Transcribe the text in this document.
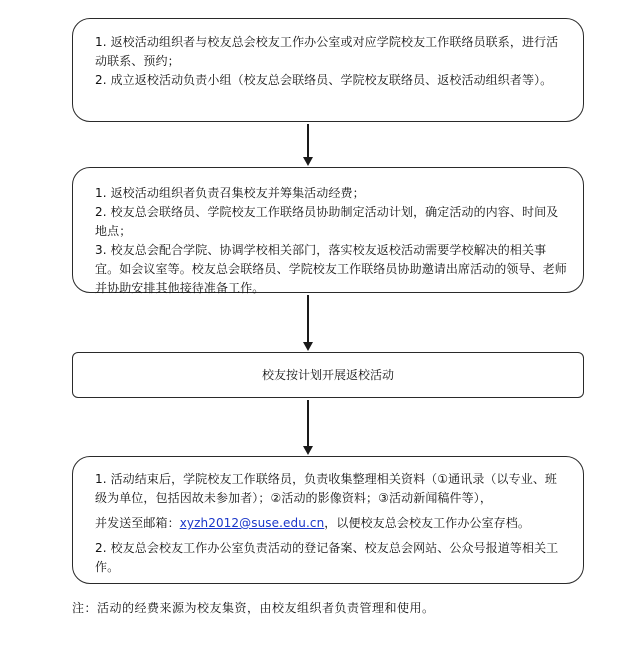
1. 返校活动组织者与校友总会校友工作办公室或对应学院校友工作联络员联系，进行活动联系、预约；

2. 成立返校活动负责小组（校友总会联络员、学院校友联络员、返校活动组织者等）。

1. 返校活动组织者负责召集校友并筹集活动经费；

2. 校友总会联络员、学院校友工作联络员协助制定活动计划，确定活动的内容、时间及地点；

3. 校友总会配合学院、协调学校相关部门，落实校友返校活动需要学校解决的相关事宜。如会议室等。校友总会联络员、学院校友工作联络员协助邀请出席活动的领导、老师并协助安排其他接待准备工作。

校友按计划开展返校活动

1. 活动结束后，学院校友工作联络员，负责收集整理相关资料（①通讯录（以专业、班级为单位，包括因故未参加者）；②活动的影像资料；③活动新闻稿件等），

并发送至邮箱：xyzh2012@suse.edu.cn，以便校友总会校友工作办公室存档。

2. 校友总会校友工作办公室负责活动的登记备案、校友总会网站、公众号报道等相关工作。

注：活动的经费来源为校友集资，由校友组织者负责管理和使用。
